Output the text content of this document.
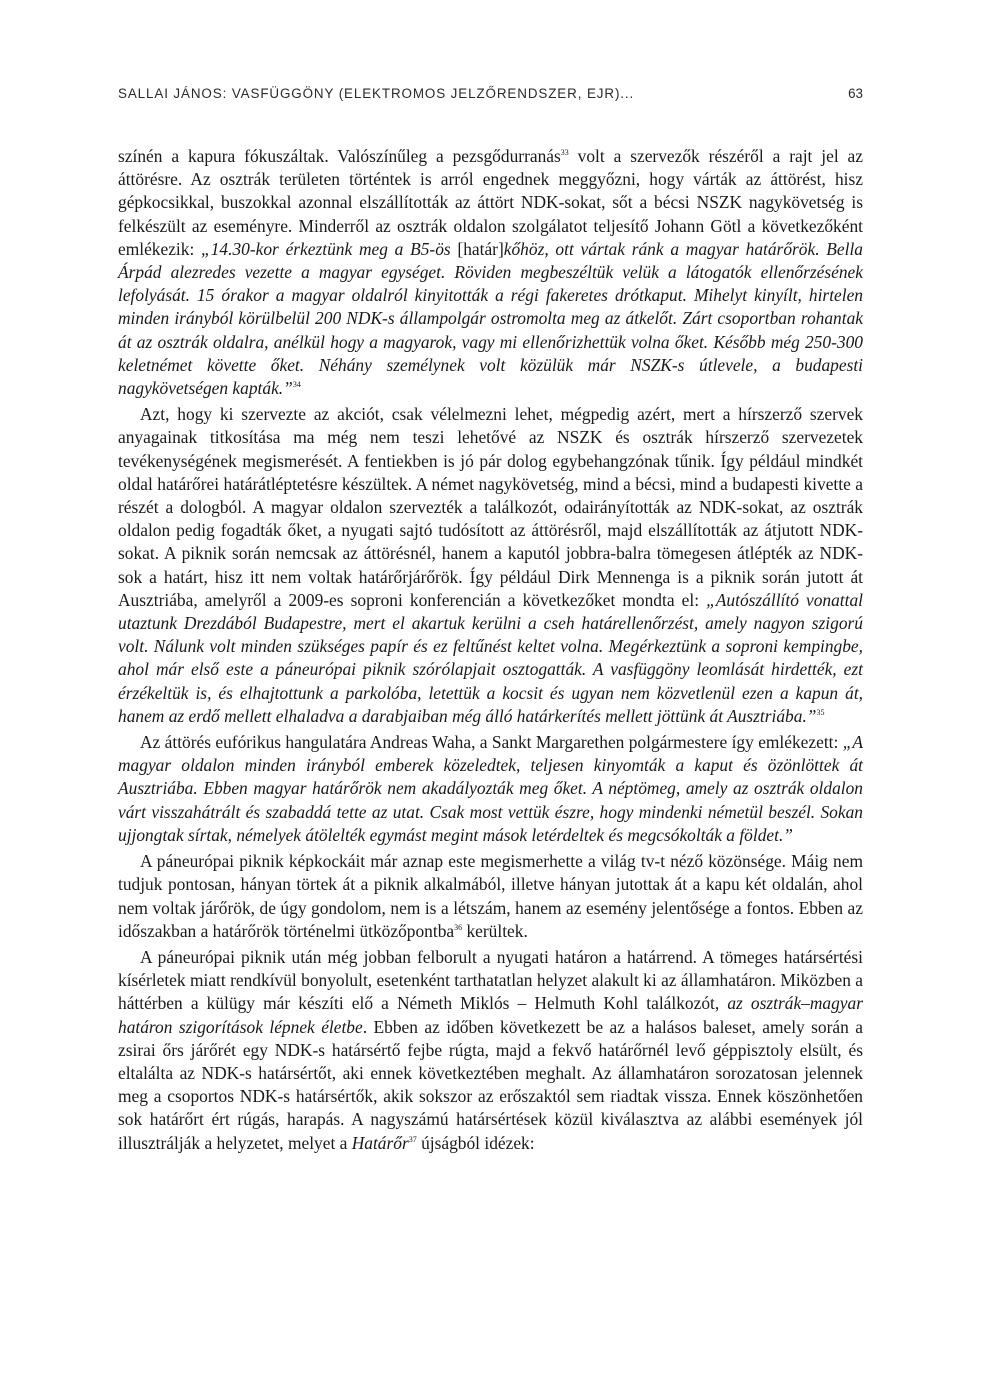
SALLAI JÁNOS: VASFÜGGÖNY (ELEKTROMOS JELZŐRENDSZER, EJR)...	63

színén a kapura fókuszáltak. Valószínűleg a pezsgődurranás$^{33}$ volt a szervezők részéről a rajt jel az áttörésre. Az osztrák területen történtek is arról engednek meggyőzni, hogy várták az áttörést, hisz gépkocsikkal, buszokkal azonnal elszállították az áttört NDK-sokat, sőt a bécsi NSZK nagykövetség is felkészült az eseményre. Minderről az osztrák oldalon szolgálatot teljesítő Johann Götl a következőként emlékezik: „14.30-kor érkeztünk meg a B5-ös [határ]kőhöz, ott vártak ránk a magyar határőrök. Bella Árpád alezredes vezette a magyar egységet. Röviden megbeszéltük velük a látogatók ellenőrzésének lefolyását. 15 órakor a magyar oldalról kinyitották a régi fakeretes drótkaput. Mihelyt kinyílt, hirtelen minden irányból körülbelül 200 NDK-s állampolgár ostromolta meg az átkelőt. Zárt csoportban rohantak át az osztrák oldalra, anélkül hogy a magyarok, vagy mi ellenőrizhettük volna őket. Később még 250-300 keletnémet követte őket. Néhány személynek volt közülük már NSZK-s útlevele, a budapesti nagykövetségen kapták.”$^{34}$

Azt, hogy ki szervezte az akciót, csak vélelmezni lehet, mégpedig azért, mert a hírszerző szervek anyagainak titkosítása ma még nem teszi lehetővé az NSZK és osztrák hírszerző szervezetek tevékenységének megismerését. A fentiekben is jó pár dolog egybehangzónak tűnik. Így például mindkét oldal határőrei határátléptetésre készültek. A német nagykövetség, mind a bécsi, mind a budapesti kivette a részét a dologból. A magyar oldalon szervezték a találkozót, odairányították az NDK-sokat, az osztrák oldalon pedig fogadták őket, a nyugati sajtó tudósított az áttörésről, majd elszállították az átjutott NDK-sokat. A piknik során nemcsak az áttörésnél, hanem a kaputól jobbra-balra tömegesen átlépték az NDK-sok a határt, hisz itt nem voltak határőrjárőrök. Így például Dirk Mennenga is a piknik során jutott át Ausztriába, amelyről a 2009-es soproni konferencián a következőket mondta el: „Autószállító vonattal utaztunk Drezdából Budapestre, mert el akartuk kerülni a cseh határellenőrzést, amely nagyon szigorú volt. Nálunk volt minden szükséges papír és ez feltűnést keltet volna. Megérkeztünk a soproni kempingbe, ahol már első este a páneurópai piknik szórólapjait osztogatták. A vasfüggöny leomlását hirdették, ezt érzékeltük is, és elhajtottunk a parkolóba, letettük a kocsit és ugyan nem közvetlenül ezen a kapun át, hanem az erdő mellett elhaladva a darabjaiban még álló határkerítés mellett jöttünk át Ausztriába.”$^{35}$

Az áttörés eufórikus hangulatára Andreas Waha, a Sankt Margarethen polgármestere így emlékezett: „A magyar oldalon minden irányból emberek közeledtek, teljesen kinyomták a kaput és özönlöttek át Ausztriába. Ebben magyar határőrök nem akadályozták meg őket. A néptömeg, amely az osztrák oldalon várt visszahátrált és szabaddá tette az utat. Csak most vettük észre, hogy mindenki németül beszél. Sokan ujjongtak sírtak, némelyek átölelték egymást megint mások letérdeltek és megcsókolták a földet.”

A páneurópai piknik képkockáit már aznap este megismerhette a világ tv-t néző közönsége. Máig nem tudjuk pontosan, hányan törtek át a piknik alkalmából, illetve hányan jutottak át a kapu két oldalán, ahol nem voltak járőrök, de úgy gondolom, nem is a létszám, hanem az esemény jelentősége a fontos. Ebben az időszakban a határőrök történelmi ütközőpontba$^{36}$ kerültek.

A páneurópai piknik után még jobban felborult a nyugati határon a határrend. A tömeges határsértési kísérletek miatt rendkívül bonyolult, esetenként tarthatatlan helyzet alakult ki az államhatáron. Miközben a háttérben a külügy már készíti elő a Németh Miklós – Helmuth Kohl találkozót, az osztrák–magyar határon szigorítások lépnek életbe. Ebben az időben következett be az a halásos baleset, amely során a zsirai őrs járőrét egy NDK-s határsértő fejbe rúgta, majd a fekvő határőrnél levő géppisztoly elsült, és eltalálta az NDK-s határsértőt, aki ennek következtében meghalt. Az államhatáron sorozatosan jelennek meg a csoportos NDK-s határsértők, akik sokszor az erőszaktól sem riadtak vissza. Ennek köszönhetően sok határőrt ért rúgás, harapás. A nagyszámú határsértések közül kiválasztva az alábbi események jól illusztrálják a helyzetet, melyet a Határőr$^{37}$ újságból idézek:
